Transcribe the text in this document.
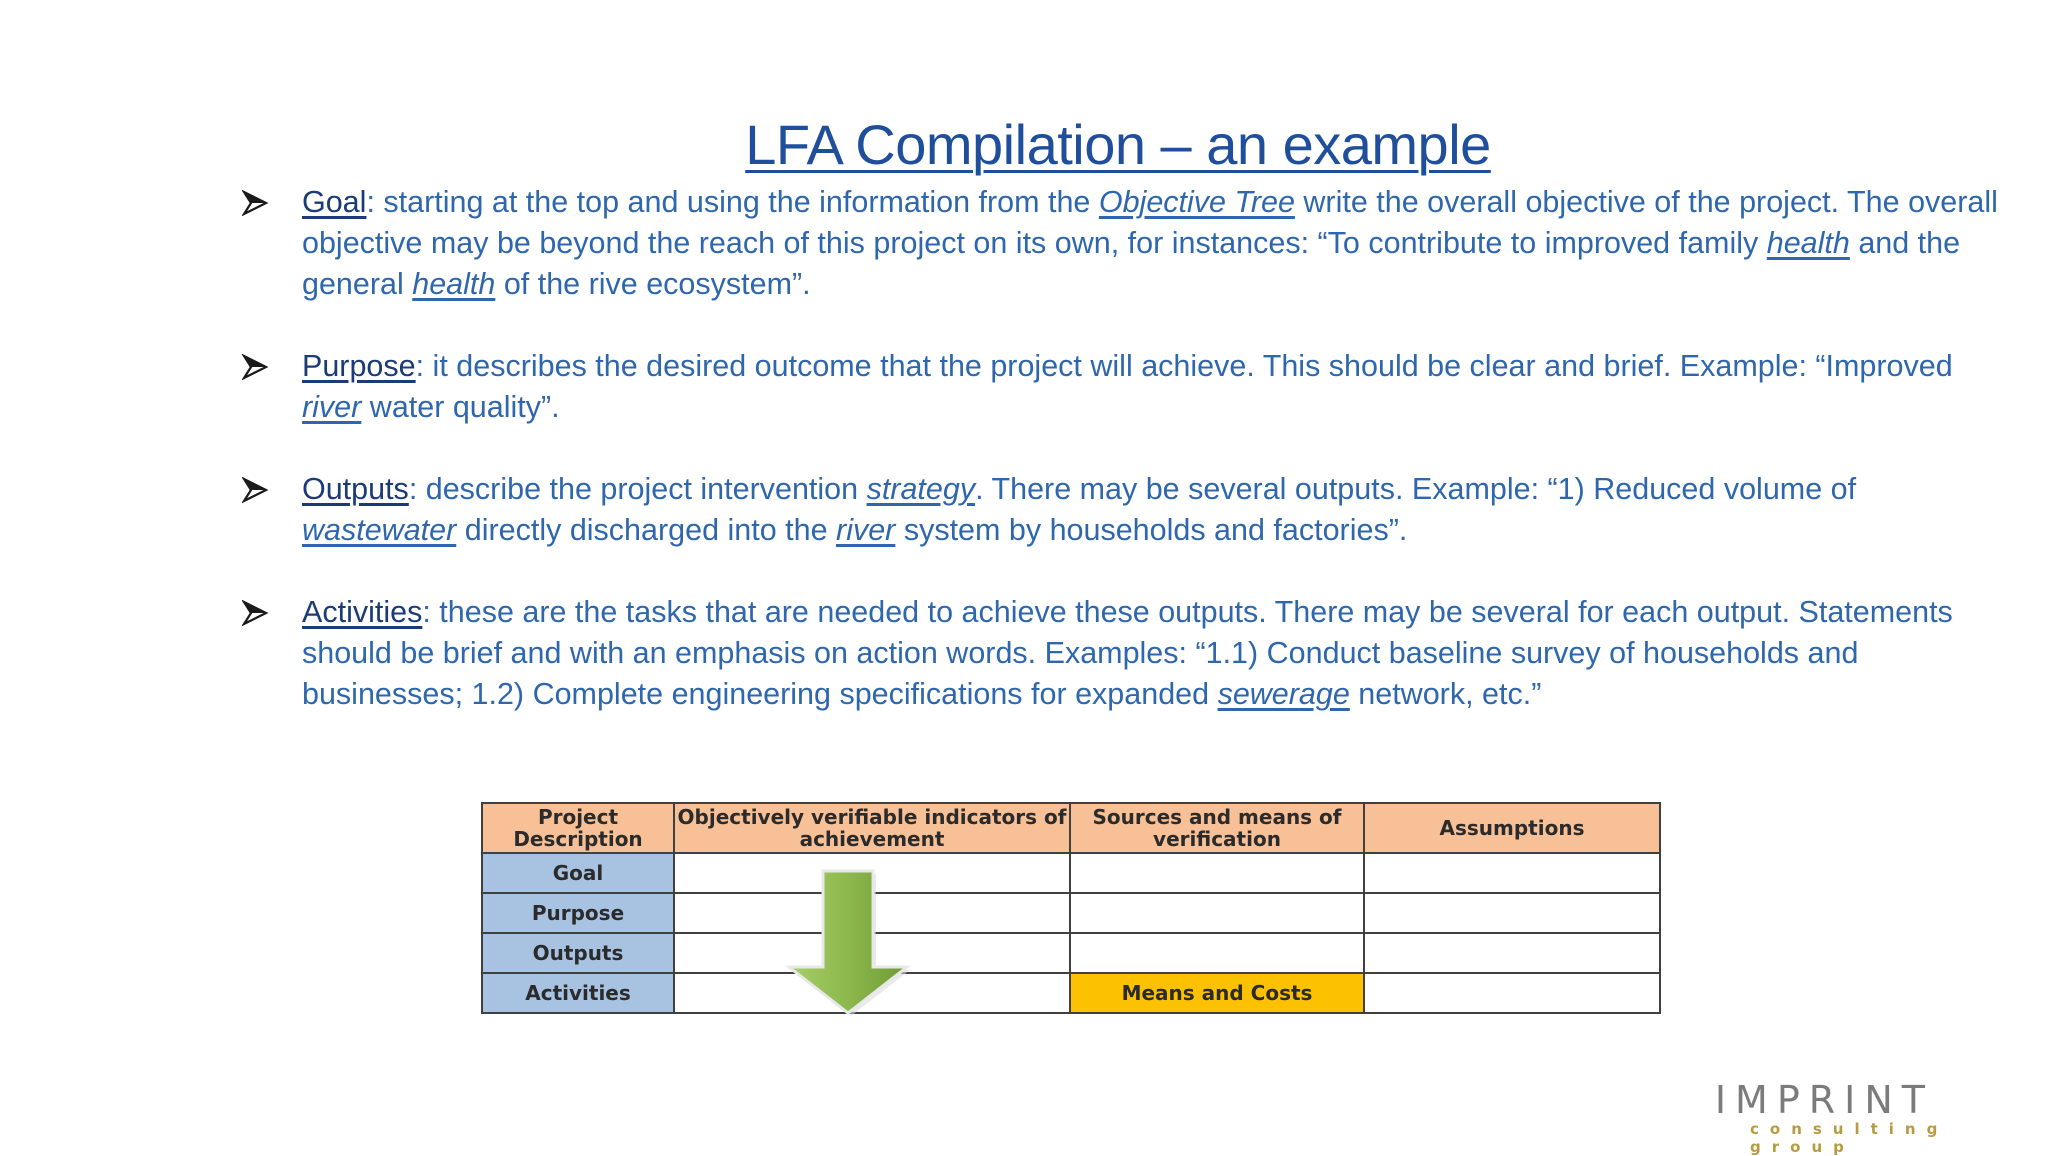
LFA Compilation – an example
Goal: starting at the top and using the information from the Objective Tree write the overall objective of the project. The overall objective may be beyond the reach of this project on its own, for instances: “To contribute to improved family health and the general health of the rive ecosystem”.
Purpose: it describes the desired outcome that the project will achieve. This should be clear and brief. Example: “Improved river water quality”.
Outputs: describe the project intervention strategy. There may be several outputs. Example: “1) Reduced volume of wastewater directly discharged into the river system by households and factories”.
Activities: these are the tasks that are needed to achieve these outputs. There may be several for each output. Statements should be brief and with an emphasis on action words. Examples: “1.1) Conduct baseline survey of households and businesses; 1.2) Complete engineering specifications for expanded sewerage network, etc.”
Project Description	Objectively verifiable indicators of achievement	Sources and means of verification	Assumptions
Goal			
Purpose			
Outputs			
Activities		Means and Costs	
IMPRINT
consulting group
